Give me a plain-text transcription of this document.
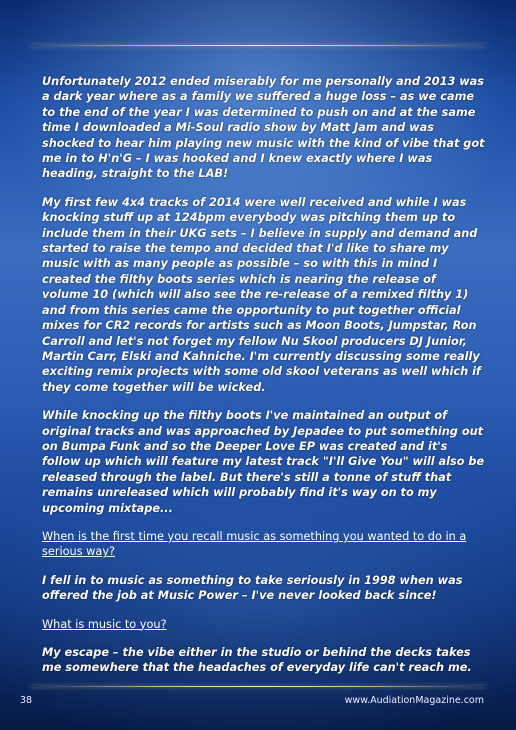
Unfortunately 2012 ended miserably for me personally and 2013 was a dark year where as a family we suffered a huge loss – as we came to the end of the year I was determined to push on and at the same time I downloaded a Mi-Soul radio show by Matt Jam and was shocked to hear him playing new music with the kind of vibe that got me in to H'n'G – I was hooked and I knew exactly where I was heading, straight to the LAB!

My first few 4x4 tracks of 2014 were well received and while I was knocking stuff up at 124bpm everybody was pitching them up to include them in their UKG sets – I believe in supply and demand and started to raise the tempo and decided that I'd like to share my music with as many people as possible – so with this in mind I created the filthy boots series which is nearing the release of volume 10 (which will also see the re-release of a remixed filthy 1) and from this series came the opportunity to put together official mixes for CR2 records for artists such as Moon Boots, Jumpstar, Ron Carroll and let's not forget my fellow Nu Skool producers DJ Junior, Martin Carr, Elski and Kahniche. I'm currently discussing some really exciting remix projects with some old skool veterans as well which if they come together will be wicked.

While knocking up the filthy boots I've maintained an output of original tracks and was approached by Jepadee to put something out on Bumpa Funk and so the Deeper Love EP was created and it's follow up which will feature my latest track "I'll Give You" will also be released through the label. But there's still a tonne of stuff that remains unreleased which will probably find it's way on to my upcoming mixtape...

When is the first time you recall music as something you wanted to do in a serious way?

I fell in to music as something to take seriously in 1998 when was offered the job at Music Power – I've never looked back since!

What is music to you?

My escape – the vibe either in the studio or behind the decks takes me somewhere that the headaches of everyday life can't reach me.

38	www.AudiationMagazine.com
